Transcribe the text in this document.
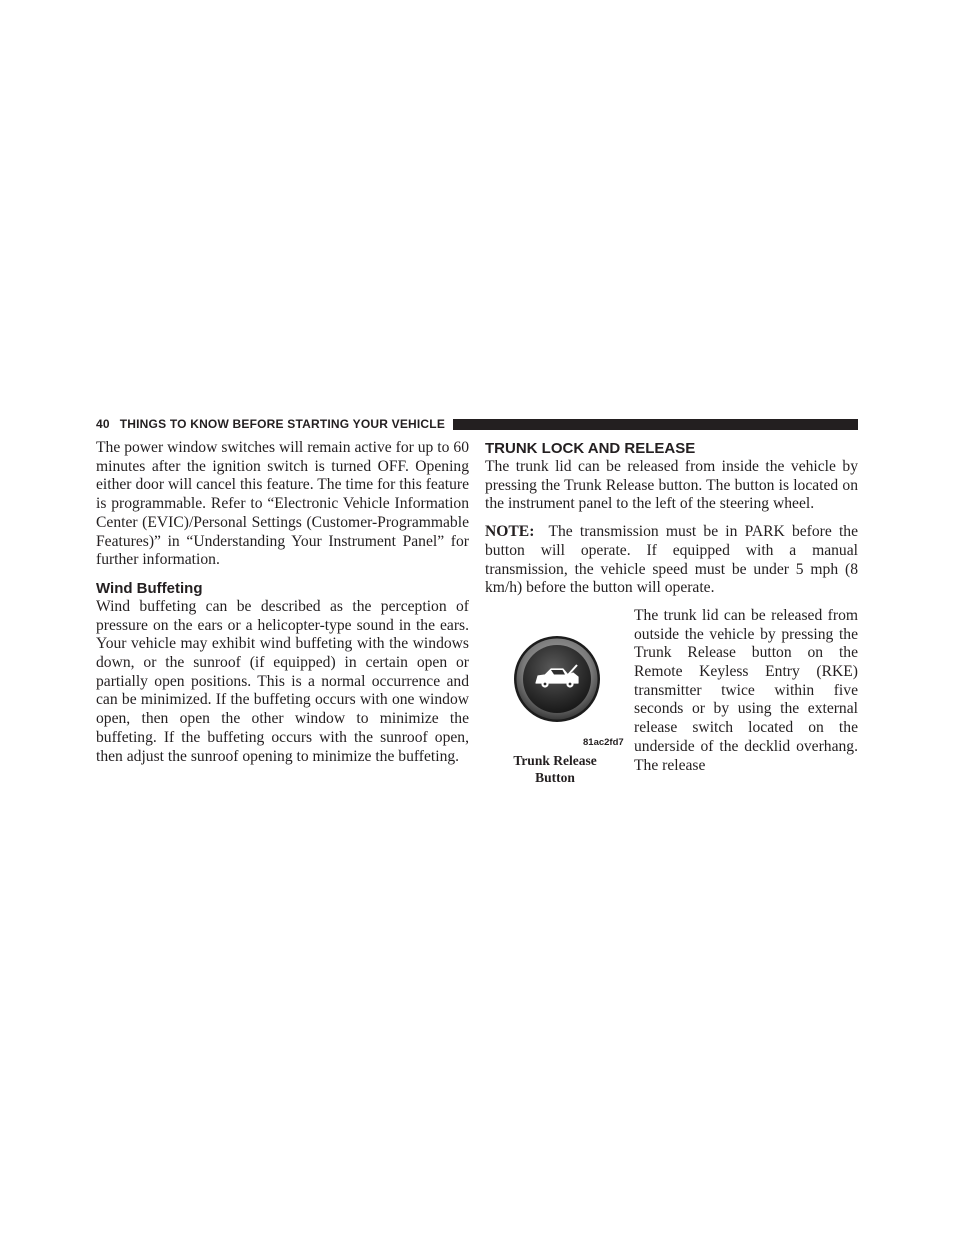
40 THINGS TO KNOW BEFORE STARTING YOUR VEHICLE

The power window switches will remain active for up to 60 minutes after the ignition switch is turned OFF. Opening either door will cancel this feature. The time for this feature is programmable. Refer to “Electronic Vehicle Information Center (EVIC)/Personal Settings (Customer-Programmable Features)” in “Understanding Your Instrument Panel” for further information.

Wind Buffeting

Wind buffeting can be described as the perception of pressure on the ears or a helicopter-type sound in the ears. Your vehicle may exhibit wind buffeting with the windows down, or the sunroof (if equipped) in certain open or partially open positions. This is a normal occurrence and can be minimized. If the buffeting occurs with one window open, then open the other window to minimize the buffeting. If the buffeting occurs with the sunroof open, then adjust the sunroof opening to minimize the buffeting.

TRUNK LOCK AND RELEASE

The trunk lid can be released from inside the vehicle by pressing the Trunk Release button. The button is located on the instrument panel to the left of the steering wheel.

NOTE: The transmission must be in PARK before the button will operate. If equipped with a manual transmission, the vehicle speed must be under 5 mph (8 km/h) before the button will operate.

81ac2fd7
Trunk Release
Button

The trunk lid can be released from outside the vehicle by pressing the Trunk Release button on the Remote Keyless Entry (RKE) transmitter twice within five seconds or by using the external release switch located on the underside of the decklid overhang. The release
